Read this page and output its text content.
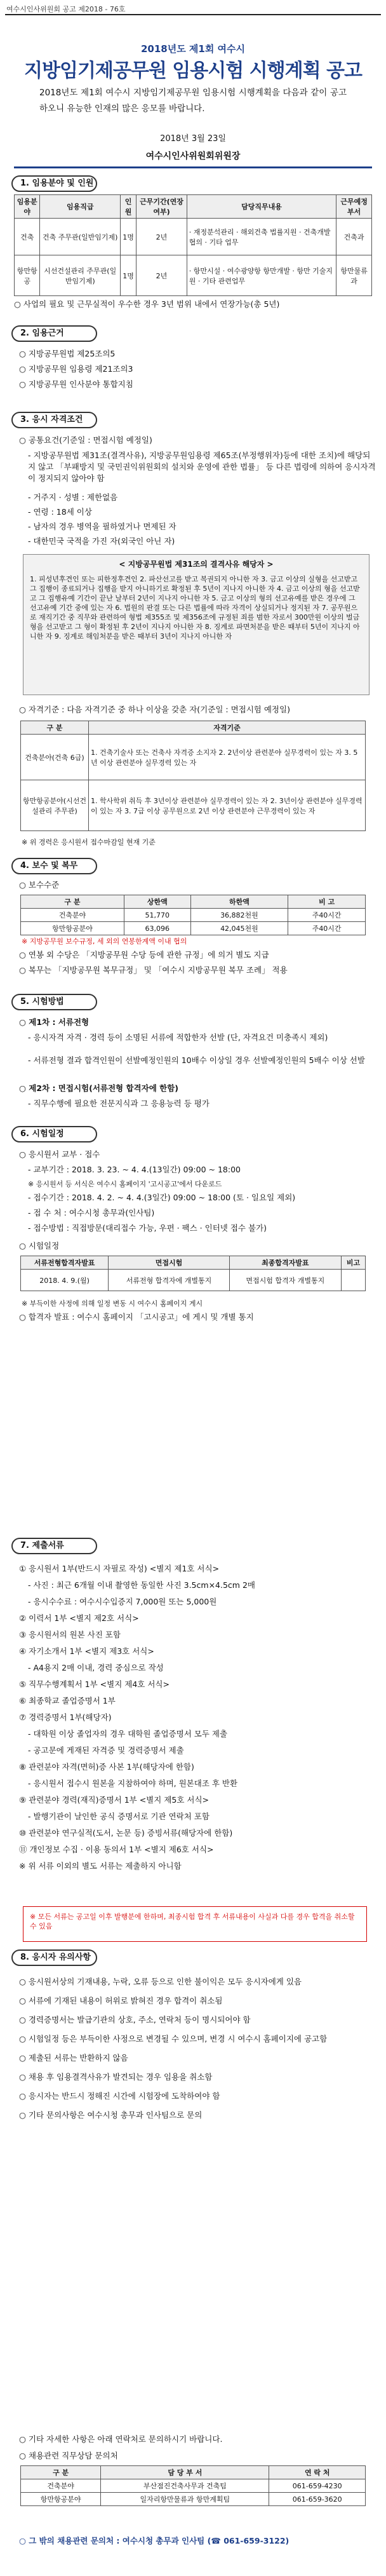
여수시인사위원회 공고 제2018 - 76호
2018년도 제1회 여수시
지방임기제공무원 임용시험 시행계획 공고
2018년도 제1회 여수시 지방임기제공무원 임용시험 시행계획을 다음과 같이 공고하오니 유능한 인재의 많은 응모를 바랍니다.
2018년 3월 23일
여수시인사위원회위원장
1. 임용분야 및 인원
임용분야	임용직급	인원	근무기간(연장여부)	담당직무내용	근무예정부서
건축	건축 주무관(일반임기제)	1명	2년	· 재정분석관리 · 해외건축 법률지원 · 건축개발 협의 · 기타 업무	건축과
항만항공	시선건설관리 주무관(일반임기제)	1명	2년	· 항만시설 · 여수광양항 항만개발 · 항만 기술지원 · 기타 관련업무	항만물류과
○ 사업의 필요 및 근무실적이 우수한 경우 3년 범위 내에서 연장가능(총 5년)
2. 임용근거
○ 지방공무원법 제25조의5
○ 지방공무원 임용령 제21조의3
○ 지방공무원 인사분야 통합지침
3. 응시 자격조건
○ 공통요건(기준일 : 면접시험 예정일)
- 지방공무원법 제31조(결격사유), 지방공무원임용령 제65조(부정행위자)등에 대한 조치)에 해당되지 않고 「부패방지 및 국민권익위원회의 설치와 운영에 관한 법률」 등 다른 법령에 의하여 응시자격이 정지되지 않아야 함
- 거주지 · 성별 : 제한없음
- 연령 : 18세 이상
- 남자의 경우 병역을 필하였거나 면제된 자
- 대한민국 국적을 가진 자(외국인 아닌 자)
< 지방공무원법 제31조의 결격사유 해당자 >
1. 피성년후견인 또는 피한정후견인 2. 파산선고를 받고 복권되지 아니한 자 3. 금고 이상의 실형을 선고받고 그 집행이 종료되거나 집행을 받지 아니하기로 확정된 후 5년이 지나지 아니한 자 4. 금고 이상의 형을 선고받고 그 집행유예 기간이 끝난 날부터 2년이 지나지 아니한 자 5. 금고 이상의 형의 선고유예를 받은 경우에 그 선고유예 기간 중에 있는 자 6. 법원의 판결 또는 다른 법률에 따라 자격이 상실되거나 정지된 자 7. 공무원으로 재직기간 중 직무와 관련하여 형법 제355조 및 제356조에 규정된 죄를 범한 자로서 300만원 이상의 벌금형을 선고받고 그 형이 확정된 후 2년이 지나지 아니한 자 8. 징계로 파면처분을 받은 때부터 5년이 지나지 아니한 자 9. 징계로 해임처분을 받은 때부터 3년이 지나지 아니한 자
○ 자격기준 : 다음 자격기준 중 하나 이상을 갖춘 자(기준일 : 면접시험 예정일)
구 분	자격기준
건축분야(건축 6급)	1. 건축기술사 또는 건축사 자격증 소지자 2. 2년이상 관련분야 실무경력이 있는 자 3. 5년 이상 관련분야 실무경력 있는 자
항만항공분야(시선건설관리 주무관)	1. 학사학위 취득 후 3년이상 관련분야 실무경력이 있는 자 2. 3년이상 관련분야 실무경력이 있는 자 3. 7급 이상 공무원으로 2년 이상 관련분야 근무경력이 있는 자
※ 위 경력은 응시원서 접수마감일 현재 기준
4. 보수 및 복무
○ 보수수준
구 분	상한액	하한액	비 고
건축분야	51,770	36,882천원	주40시간
항만항공분야	63,096	42,045천원	주40시간
※ 지방공무원 보수규정, 세 외의 연봉한계액 이내 협의
○ 연봉 외 수당은 「지방공무원 수당 등에 관한 규정」에 의거 별도 지급
○ 복무는 「지방공무원 복무규정」 및 「여수시 지방공무원 복무 조례」 적용
5. 시험방법
○ 제1차 : 서류전형
- 응시자격 자격 · 경력 등이 소명된 서류에 적합한자 선발 (단, 자격요건 미충족시 제외)
- 서류전형 결과 합격인원이 선발예정인원의 10배수 이상일 경우 선발예정인원의 5배수 이상 선발
○ 제2차 : 면접시험(서류전형 합격자에 한함)
- 직무수행에 필요한 전문지식과 그 응용능력 등 평가
6. 시험일정
○ 응시원서 교부 · 접수
- 교부기간 : 2018. 3. 23. ~ 4. 4.(13일간) 09:00 ~ 18:00
※ 응시원서 등 서식은 여수시 홈페이지 '고시공고'에서 다운로드
- 접수기간 : 2018. 4. 2. ~ 4. 4.(3일간) 09:00 ~ 18:00 (토 · 일요일 제외)
- 접 수 처 : 여수시청 총무과(인사팀)
- 접수방법 : 직접방문(대리접수 가능, 우편 · 팩스 · 인터넷 접수 불가)
○ 시험일정
서류전형합격자발표	면접시험	최종합격자발표	비고
2018. 4. 9.(월)	서류전형 합격자에 개별통지	면접시험 합격자 개별통지	
※ 부득이한 사정에 의해 일정 변동 시 여수시 홈페이지 게시
○ 합격자 발표 : 여수시 홈페이지 「고시공고」에 게시 및 개별 통지
7. 제출서류
① 응시원서 1부(반드시 자필로 작성) <별지 제1호 서식>
- 사진 : 최근 6개월 이내 촬영한 동일한 사진 3.5cm×4.5cm 2매
- 응시수수료 : 여수시수입증지 7,000원 또는 5,000원
② 이력서 1부 <별지 제2호 서식>
③ 응시원서의 원본 사진 포함
④ 자기소개서 1부 <별지 제3호 서식>
- A4용지 2매 이내, 경력 중심으로 작성
⑤ 직무수행계획서 1부 <별지 제4호 서식>
⑥ 최종학교 졸업증명서 1부
⑦ 경력증명서 1부(해당자)
- 대학원 이상 졸업자의 경우 대학원 졸업증명서 모두 제출
- 공고문에 게재된 자격증 및 경력증명서 제출
⑧ 관련분야 자격(면허)증 사본 1부(해당자에 한함)
- 응시원서 접수시 원본을 지참하여야 하며, 원본대조 후 반환
⑨ 관련분야 경력(재직)증명서 1부 <별지 제5호 서식>
- 발행기관이 날인한 공식 증명서로 기관 연락처 포함
⑩ 관련분야 연구실적(도서, 논문 등) 증빙서류(해당자에 한함)
⑪ 개인정보 수집 · 이용 동의서 1부 <별지 제6호 서식>
※ 위 서류 이외의 별도 서류는 제출하지 아니함
※ 모든 서류는 공고일 이후 발행분에 한하며, 최종시험 합격 후 서류내용이 사실과 다를 경우 합격을 취소할 수 있음
8. 응시자 유의사항
○ 응시원서상의 기재내용, 누락, 오류 등으로 인한 불이익은 모두 응시자에게 있음
○ 서류에 기재된 내용이 허위로 밝혀진 경우 합격이 취소됨
○ 경력증명서는 발급기관의 상호, 주소, 연락처 등이 명시되어야 함
○ 시험일정 등은 부득이한 사정으로 변경될 수 있으며, 변경 시 여수시 홈페이지에 공고함
○ 제출된 서류는 반환하지 않음
○ 채용 후 임용결격사유가 발견되는 경우 임용을 취소함
○ 응시자는 반드시 정해진 시간에 시험장에 도착하여야 함
○ 기타 문의사항은 여수시청 총무과 인사팀으로 문의
○ 기타 자세한 사항은 아래 연락처로 문의하시기 바랍니다.
○ 채용관련 직무상담 문의처
구 분	담 당 부 서	연 락 처
건축분야	부산점진건축사무과 건축팀	061-659-4230
항만항공분야	일자리항만물류과 항만계획팀	061-659-3620
○ 그 밖의 채용관련 문의처 : 여수시청 총무과 인사팀 (☎ 061-659-3122)
